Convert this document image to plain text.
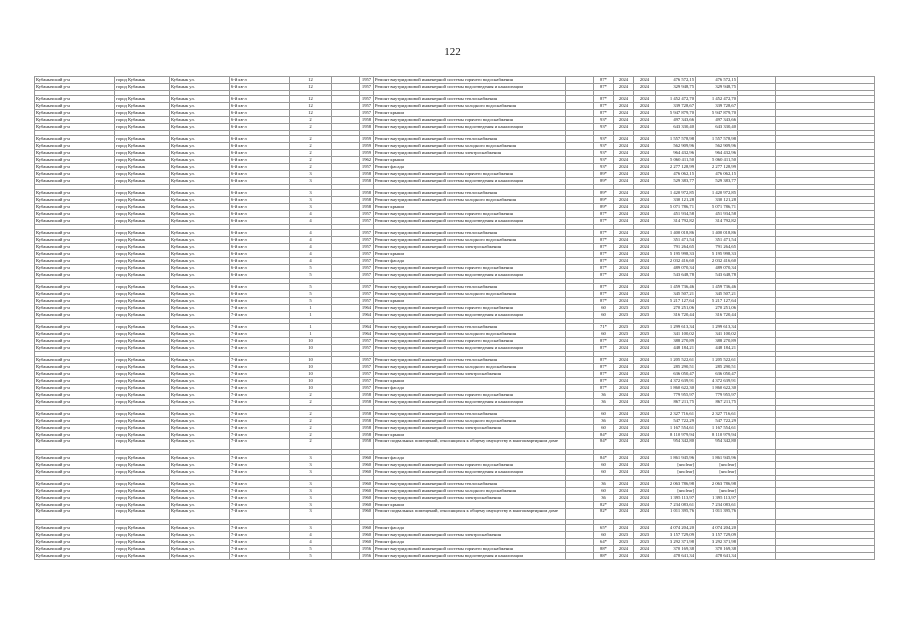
122
Кубанычский р-н	город Кубанык	Кубанык ул.	6-й кв-л	12		1957	Ремонт внутридомовой инженерной системы горячего водоснабжения		87*	2024	2024	476 572,15	476 572,15		
Кубанычский р-н	город Кубанык	Кубанык ул.	6-й кв-л	12		1957	Ремонт внутридомовой инженерной системы водоотведения и канализации		87*	2024	2024	329 948,75	329 948,75		

Кубанычский р-н	город Кубанык	Кубанык ул.	6-й кв-л	12		1957	Ремонт внутридомовой инженерной системы теплоснабжения		87*	2024	2024	1 452 472,70	1 452 472,70		
Кубанычский р-н	город Кубанык	Кубанык ул.	6-й кв-л	12		1957	Ремонт внутридомовой инженерной системы холодного водоснабжения		87*	2024	2024	339 728,67	339 728,67		
Кубанычский р-н	город Кубанык	Кубанык ул.	6-й кв-л	12		1957	Ремонт крыши		87*	2024	2024	5 947 879,70	5 947 879,70		
Кубанычский р-н	город Кубанык	Кубанык ул.	6-й кв-л	2		1958	Ремонт внутридомовой инженерной системы горячего водоснабжения		93*	2024	2024	497 343,66	497 343,66		
Кубанычский р-н	город Кубанык	Кубанык ул.	6-й кв-л	2		1958	Ремонт внутридомовой инженерной системы водоотведения и канализации		93*	2024	2024	643 330,40	643 330,40		

Кубанычский р-н	город Кубанык	Кубанык ул.	6-й кв-л	2		1959	Ремонт внутридомовой инженерной системы теплоснабжения		93*	2024	2024	1 557 578,98	1 557 578,98		
Кубанычский р-н	город Кубанык	Кубанык ул.	6-й кв-л	2		1959	Ремонт внутридомовой инженерной системы холодного водоснабжения		93*	2024	2024	562 909,96	562 909,96		
Кубанычский р-н	город Кубанык	Кубанык ул.	6-й кв-л	2		1959	Ремонт внутридомовой инженерной системы электроснабжения		93*	2024	2024	964 432,96	964 432,96		
Кубанычский р-н	город Кубанык	Кубанык ул.	6-й кв-л	2		1962	Ремонт крыши		93*	2024	2024	5 060 411,50	5 060 411,50		
Кубанычский р-н	город Кубанык	Кубанык ул.	6-й кв-л	2		1957	Ремонт фасада		93*	2024	2024	2 277 128,99	2 277 128,99		
Кубанычский р-н	город Кубанык	Кубанык ул.	6-й кв-л	3		1958	Ремонт внутридомовой инженерной системы горячего водоснабжения		89*	2024	2024	476 062,15	476 062,15		
Кубанычский р-н	город Кубанык	Кубанык ул.	6-й кв-л	3		1958	Ремонт внутридомовой инженерной системы водоотведения и канализации		89*	2024	2024	529 383,77	529 383,77		

Кубанычский р-н	город Кубанык	Кубанык ул.	6-й кв-л	3		1958	Ремонт внутридомовой инженерной системы теплоснабжения		89*	2024	2024	1 420 972,85	1 420 972,85		
Кубанычский р-н	город Кубанык	Кубанык ул.	6-й кв-л	3		1958	Ремонт внутридомовой инженерной системы холодного водоснабжения		89*	2024	2024	330 121,28	330 121,28		
Кубанычский р-н	город Кубанык	Кубанык ул.	6-й кв-л	3		1958	Ремонт крыши		89*	2024	2024	5 071 786,71	5 071 786,71		
Кубанычский р-н	город Кубанык	Кубанык ул.	6-й кв-л	4		1957	Ремонт внутридомовой инженерной системы горячего водоснабжения		87*	2024	2024	451 934,58	451 934,58		
Кубанычский р-н	город Кубанык	Кубанык ул.	6-й кв-л	4		1957	Ремонт внутридомовой инженерной системы водоотведения и канализации		87*	2024	2024	314 792,82	314 792,82		

Кубанычский р-н	город Кубанык	Кубанык ул.	6-й кв-л	4		1957	Ремонт внутридомовой инженерной системы теплоснабжения		87*	2024	2024	1 400 018,86	1 400 018,86		
Кубанычский р-н	город Кубанык	Кубанык ул.	6-й кв-л	4		1957	Ремонт внутридомовой инженерной системы холодного водоснабжения		87*	2024	2024	351 471,54	351 471,54		
Кубанычский р-н	город Кубанык	Кубанык ул.	6-й кв-л	4		1957	Ремонт внутридомовой инженерной системы электроснабжения		87*	2024	2024	791 264,65	791 264,65		
Кубанычский р-н	город Кубанык	Кубанык ул.	6-й кв-л	4		1957	Ремонт крыши		87*	2024	2024	5 195 998,33	5 195 998,33		
Кубанычский р-н	город Кубанык	Кубанык ул.	6-й кв-л	4		1957	Ремонт фасада		87*	2024	2024	2 032 416,60	2 032 416,60		
Кубанычский р-н	город Кубанык	Кубанык ул.	6-й кв-л	5		1957	Ремонт внутридомовой инженерной системы горячего водоснабжения		87*	2024	2024	489 070,34	489 070,34		
Кубанычский р-н	город Кубанык	Кубанык ул.	6-й кв-л	5		1957	Ремонт внутридомовой инженерной системы водоотведения и канализации		87*	2024	2024	543 648,78	543 648,78		

Кубанычский р-н	город Кубанык	Кубанык ул.	6-й кв-л	5		1957	Ремонт внутридомовой инженерной системы теплоснабжения		87*	2024	2024	1 459 736,46	1 459 736,46		
Кубанычский р-н	город Кубанык	Кубанык ул.	6-й кв-л	5		1957	Ремонт внутридомовой инженерной системы холодного водоснабжения		87*	2024	2024	345 507,21	345 507,21		
Кубанычский р-н	город Кубанык	Кубанык ул.	6-й кв-л	5		1957	Ремонт крыши		87*	2024	2024	5 217 127,64	5 217 127,64		
Кубанычский р-н	город Кубанык	Кубанык ул.	7-й кв-л	1		1964	Ремонт внутридомовой инженерной системы горячего водоснабжения		60	2023	2023	270 251,06	270 251,06		
Кубанычский р-н	город Кубанык	Кубанык ул.	7-й кв-л	1		1964	Ремонт внутридомовой инженерной системы водоотведения и канализации		60	2023	2023	316 720,44	316 720,44		

Кубанычский р-н	город Кубанык	Кубанык ул.	7-й кв-л	1		1964	Ремонт внутридомовой инженерной системы теплоснабжения		71*	2023	2023	1 299 613,34	1 299 613,34		
Кубанычский р-н	город Кубанык	Кубанык ул.	7-й кв-л	1		1964	Ремонт внутридомовой инженерной системы холодного водоснабжения		60	2023	2023	341 100,02	341 100,02		
Кубанычский р-н	город Кубанык	Кубанык ул.	7-й кв-л	10		1957	Ремонт внутридомовой инженерной системы горячего водоснабжения		87*	2024	2024	388 270,89	388 270,89		
Кубанычский р-н	город Кубанык	Кубанык ул.	7-й кв-л	10		1957	Ремонт внутридомовой инженерной системы водоотведения и канализации		87*	2024	2024	448 184,21	448 184,21		

Кубанычский р-н	город Кубанык	Кубанык ул.	7-й кв-л	10		1957	Ремонт внутридомовой инженерной системы теплоснабжения		87*	2024	2024	1 205 522,61	1 205 522,61		
Кубанычский р-н	город Кубанык	Кубанык ул.	7-й кв-л	10		1957	Ремонт внутридомовой инженерной системы холодного водоснабжения		87*	2024	2024	285 290,51	285 290,51		
Кубанычский р-н	город Кубанык	Кубанык ул.	7-й кв-л	10		1957	Ремонт внутридомовой инженерной системы электроснабжения		87*	2024	2024	636 050,47	636 050,47		
Кубанычский р-н	город Кубанык	Кубанык ул.	7-й кв-л	10		1957	Ремонт крыши		87*	2024	2024	4 372 639,91	4 372 639,91		
Кубанычский р-н	город Кубанык	Кубанык ул.	7-й кв-л	10		1957	Ремонт фасада		87*	2024	2024	1 860 622,30	1 860 622,30		
Кубанычский р-н	город Кубанык	Кубанык ул.	7-й кв-л	2		1958	Ремонт внутридомовой инженерной системы горячего водоснабжения		36	2024	2024	779 955,97	779 955,97		
Кубанычский р-н	город Кубанык	Кубанык ул.	7-й кв-л	2		1958	Ремонт внутридомовой инженерной системы водоотведения и канализации		36	2024	2024	867 211,75	867 211,75		

Кубанычский р-н	город Кубанык	Кубанык ул.	7-й кв-л	2		1958	Ремонт внутридомовой инженерной системы теплоснабжения		60	2024	2024	2 327 716,61	2 327 716,61		
Кубанычский р-н	город Кубанык	Кубанык ул.	7-й кв-л	2		1958	Ремонт внутридомовой инженерной системы холодного водоснабжения		36	2024	2024	547 722,29	547 722,29		
Кубанычский р-н	город Кубанык	Кубанык ул.	7-й кв-л	2		1958	Ремонт внутридомовой инженерной системы электроснабжения		60	2024	2024	1 167 554,61	1 167 554,61		
Кубанычский р-н	город Кубанык	Кубанык ул.	7-й кв-л	2		1958	Ремонт крыши		84*	2024	2024	8 110 979,94	8 110 979,94		
Кубанычский р-н	город Кубанык	Кубанык ул.	7-й кв-л	2		1958	Ремонт подвальных помещений, относящихся к общему имуществу в многоквартирном доме		84*	2024	2024	954 342,80	954 342,80		

Кубанычский р-н	город Кубанык	Кубанык ул.	7-й кв-л	3		1960	Ремонт фасада		84*	2024	2024	1 861 945,96	1 861 945,96		
Кубанычский р-н	город Кубанык	Кубанык ул.	7-й кв-л	3		1960	Ремонт внутридомовой инженерной системы горячего водоснабжения		60	2024	2024	[unclear]	[unclear]		
Кубанычский р-н	город Кубанык	Кубанык ул.	7-й кв-л	3		1960	Ремонт внутридомовой инженерной системы водоотведения и канализации		60	2024	2024	[unclear]	[unclear]		

Кубанычский р-н	город Кубанык	Кубанык ул.	7-й кв-л	3		1960	Ремонт внутридомовой инженерной системы теплоснабжения		36	2024	2024	2 063 786,98	2 063 786,98		
Кубанычский р-н	город Кубанык	Кубанык ул.	7-й кв-л	3		1960	Ремонт внутридомовой инженерной системы холодного водоснабжения		60	2024	2024	[unclear]	[unclear]		
Кубанычский р-н	город Кубанык	Кубанык ул.	7-й кв-л	3		1960	Ремонт внутридомовой инженерной системы электроснабжения		36	2024	2024	1 395 113,97	1 395 113,97		
Кубанычский р-н	город Кубанык	Кубанык ул.	7-й кв-л	3		1960	Ремонт крыши		82*	2024	2024	7 234 083,61	7 234 083,61		
Кубанычский р-н	город Кубанык	Кубанык ул.	7-й кв-л	3		1960	Ремонт подвальных помещений, относящихся к общему имуществу в многоквартирном доме		82*	2024	2024	1 011 395,76	1 011 395,76		

Кубанычский р-н	город Кубанык	Кубанык ул.	7-й кв-л	3		1960	Ремонт фасада		65*	2024	2024	4 074 204,20	4 074 204,20		
Кубанычский р-н	город Кубанык	Кубанык ул.	7-й кв-л	4		1960	Ремонт внутридомовой инженерной системы электроснабжения		60	2023	2023	3 157 729,09	3 157 729,09		
Кубанычский р-н	город Кубанык	Кубанык ул.	7-й кв-л	4		1960	Ремонт фасада		64*	2023	2023	3 292 371,98	3 292 371,98		
Кубанычский р-н	город Кубанык	Кубанык ул.	7-й кв-л	5		1956	Ремонт внутридомовой инженерной системы горячего водоснабжения		88*	2024	2024	370 169,38	370 169,38		
Кубанычский р-н	город Кубанык	Кубанык ул.	7-й кв-л	5		1956	Ремонт внутридомовой инженерной системы водоотведения и канализации		88*	2024	2024	478 641,34	478 641,34		
